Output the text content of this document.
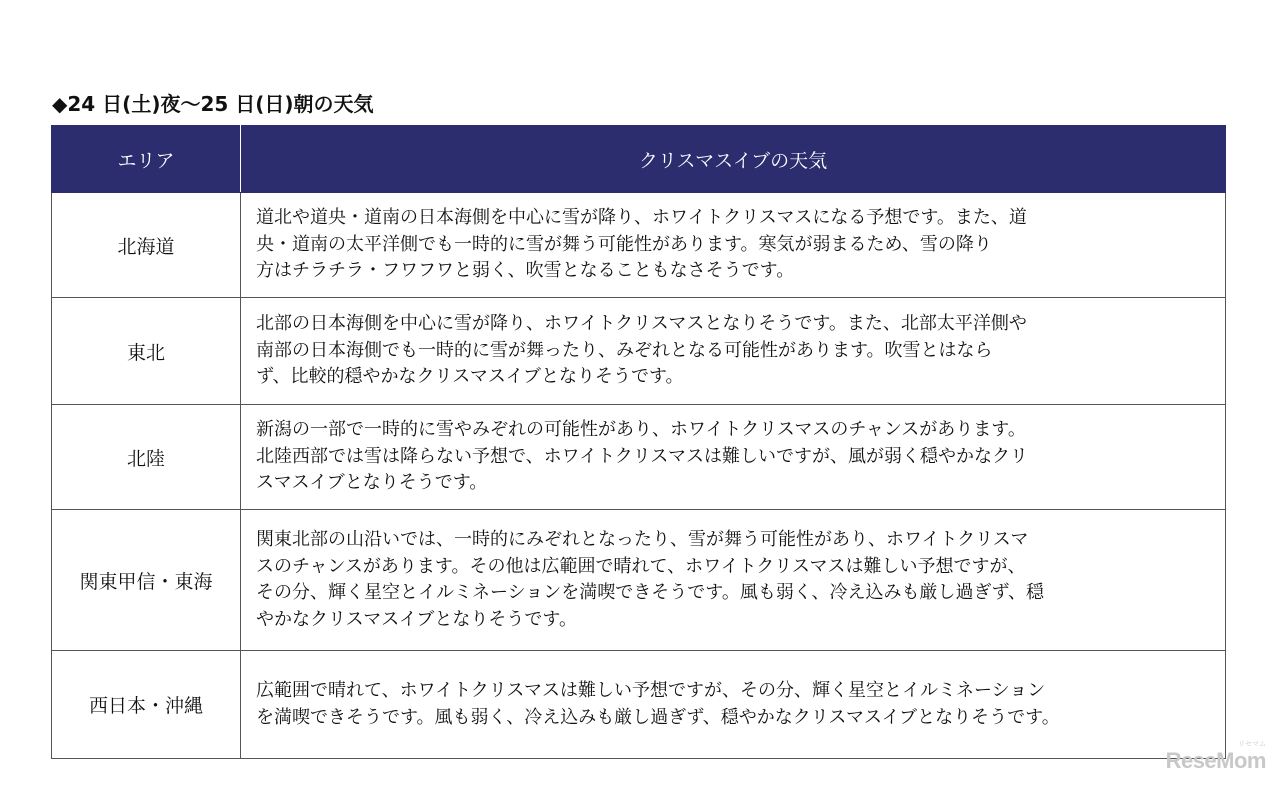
◆24 日(土)夜～25 日(日)朝の天気
エリア	クリスマスイブの天気
北海道	道北や道央・道南の日本海側を中心に雪が降り、ホワイトクリスマスになる予想です。また、道
央・道南の太平洋側でも一時的に雪が舞う可能性があります。寒気が弱まるため、雪の降り
方はチラチラ・フワフワと弱く、吹雪となることもなさそうです。
東北	北部の日本海側を中心に雪が降り、ホワイトクリスマスとなりそうです。また、北部太平洋側や
南部の日本海側でも一時的に雪が舞ったり、みぞれとなる可能性があります。吹雪とはなら
ず、比較的穏やかなクリスマスイブとなりそうです。
北陸	新潟の一部で一時的に雪やみぞれの可能性があり、ホワイトクリスマスのチャンスがあります。
北陸西部では雪は降らない予想で、ホワイトクリスマスは難しいですが、風が弱く穏やかなクリ
スマスイブとなりそうです。
関東甲信・東海	関東北部の山沿いでは、一時的にみぞれとなったり、雪が舞う可能性があり、ホワイトクリスマ
スのチャンスがあります。その他は広範囲で晴れて、ホワイトクリスマスは難しい予想ですが、
その分、輝く星空とイルミネーションを満喫できそうです。風も弱く、冷え込みも厳し過ぎず、穏
やかなクリスマスイブとなりそうです。
西日本・沖縄	広範囲で晴れて、ホワイトクリスマスは難しい予想ですが、その分、輝く星空とイルミネーション
を満喫できそうです。風も弱く、冷え込みも厳し過ぎず、穏やかなクリスマスイブとなりそうです。
ReseMom
リセマム
